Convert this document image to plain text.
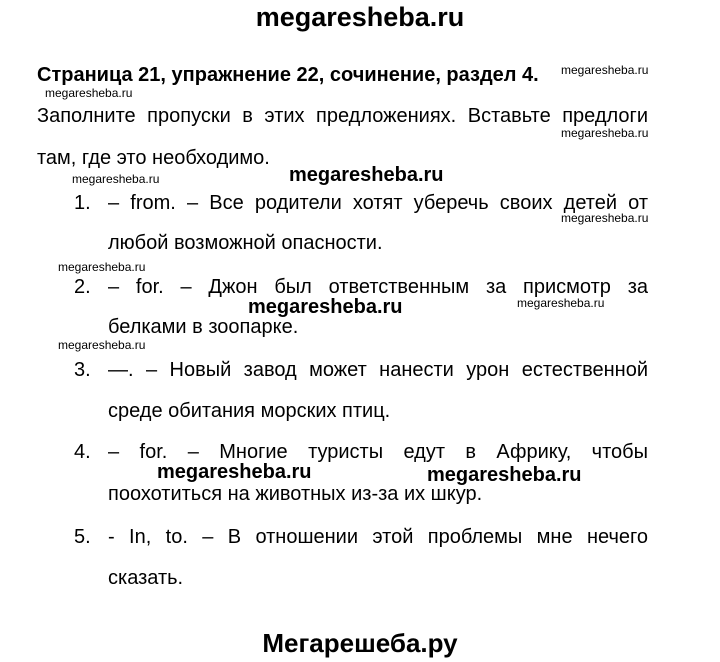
megaresheba.ru
Страница 21, упражнение 22, сочинение, раздел 4. megaresheba.ru
megaresheba.ru
Заполните пропуски в этих предложениях. Вставьте предлоги
megaresheba.ru
там, где это необходимо.
megaresheba.ru	megaresheba.ru
1. – from. – Все родители хотят уберечь своих детей от
megaresheba.ru
любой возможной опасности.
megaresheba.ru
2. – for. – Джон был ответственным за присмотр за
megaresheba.ru	megaresheba.ru
белками в зоопарке.
megaresheba.ru
3. —. – Новый завод может нанести урон естественной
среде обитания морских птиц.
4. – for. – Многие туристы едут в Африку, чтобы
megaresheba.ru	megaresheba.ru
поохотиться на животных из-за их шкур.
5. - In, to. – В отношении этой проблемы мне нечего
сказать.
Мегарешеба.ру
